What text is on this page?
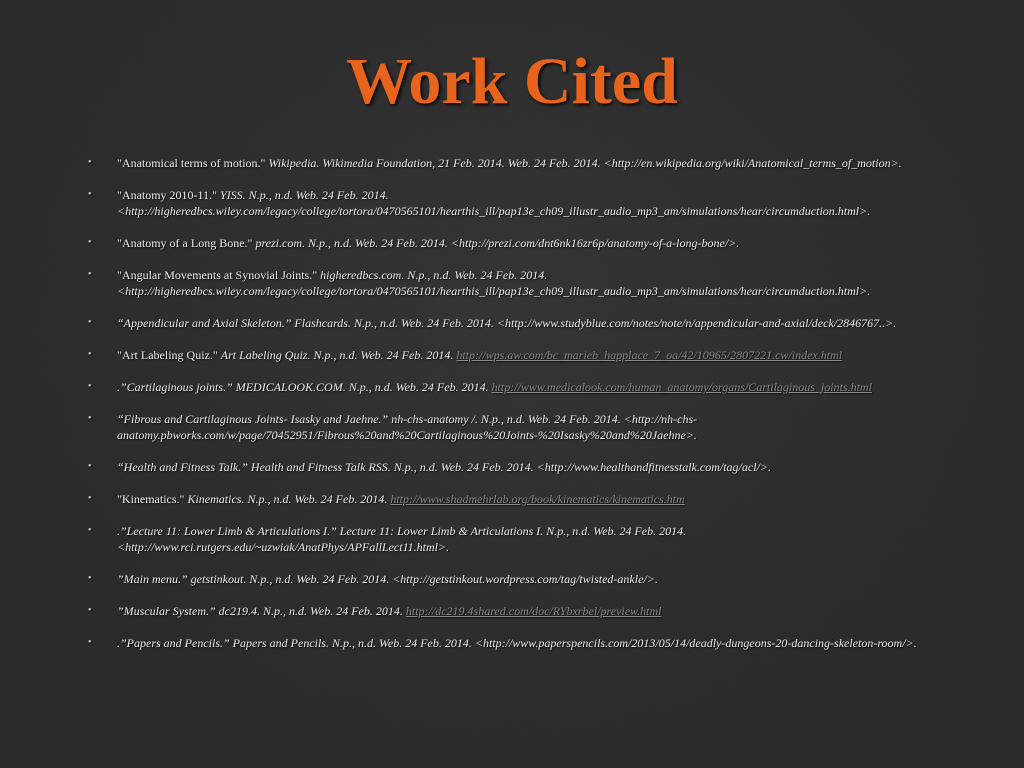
Work Cited
• "Anatomical terms of motion." Wikipedia. Wikimedia Foundation, 21 Feb. 2014. Web. 24 Feb. 2014. <http://en.wikipedia.org/wiki/Anatomical_terms_of_motion>.
• "Anatomy 2010-11." YISS. N.p., n.d. Web. 24 Feb. 2014. <http://higheredbcs.wiley.com/legacy/college/tortora/0470565101/hearthis_ill/pap13e_ch09_illustr_audio_mp3_am/simulations/hear/circumduction.html>.
• "Anatomy of a Long Bone." prezi.com. N.p., n.d. Web. 24 Feb. 2014. <http://prezi.com/dnt6nk16zr6p/anatomy-of-a-long-bone/>.
• "Angular Movements at Synovial Joints." higheredbcs.com. N.p., n.d. Web. 24 Feb. 2014. <http://higheredbcs.wiley.com/legacy/college/tortora/0470565101/hearthis_ill/pap13e_ch09_illustr_audio_mp3_am/simulations/hear/circumduction.html>.
• “Appendicular and Axial Skeleton.” Flashcards. N.p., n.d. Web. 24 Feb. 2014. <http://www.studyblue.com/notes/note/n/appendicular-and-axial/deck/2846767..>.
• "Art Labeling Quiz." Art Labeling Quiz. N.p., n.d. Web. 24 Feb. 2014. http://wps.aw.com/bc_marieb_happlace_7_oa/42/10965/2807221.cw/index.html
• .”Cartilaginous joints.” MEDICALOOK.COM. N.p., n.d. Web. 24 Feb. 2014. http://www.medicalook.com/human_anatomy/organs/Cartilaginous_joints.html
• “Fibrous and Cartilaginous Joints- Isasky and Jaehne.” nh-chs-anatomy /. N.p., n.d. Web. 24 Feb. 2014. <http://nh-chs-anatomy.pbworks.com/w/page/70452951/Fibrous%20and%20Cartilaginous%20Joints-%20Isasky%20and%20Jaehne>.
• “Health and Fitness Talk.” Health and Fitness Talk RSS. N.p., n.d. Web. 24 Feb. 2014. <http://www.healthandfitnesstalk.com/tag/acl/>.
• "Kinematics." Kinematics. N.p., n.d. Web. 24 Feb. 2014. http://www.shadmehrlab.org/book/kinematics/kinematics.htm
• .”Lecture 11: Lower Limb & Articulations I.” Lecture 11: Lower Limb & Articulations I. N.p., n.d. Web. 24 Feb. 2014. <http://www.rci.rutgers.edu/~uzwiak/AnatPhys/APFallLect11.html>.
• ”Main menu.” getstinkout. N.p., n.d. Web. 24 Feb. 2014. <http://getstinkout.wordpress.com/tag/twisted-ankle/>.
• ”Muscular System.” dc219.4. N.p., n.d. Web. 24 Feb. 2014. http://dc219.4shared.com/doc/RYbxrbel/preview.html
• .”Papers and Pencils.” Papers and Pencils. N.p., n.d. Web. 24 Feb. 2014. <http://www.paperspencils.com/2013/05/14/deadly-dungeons-20-dancing-skeleton-room/>.
